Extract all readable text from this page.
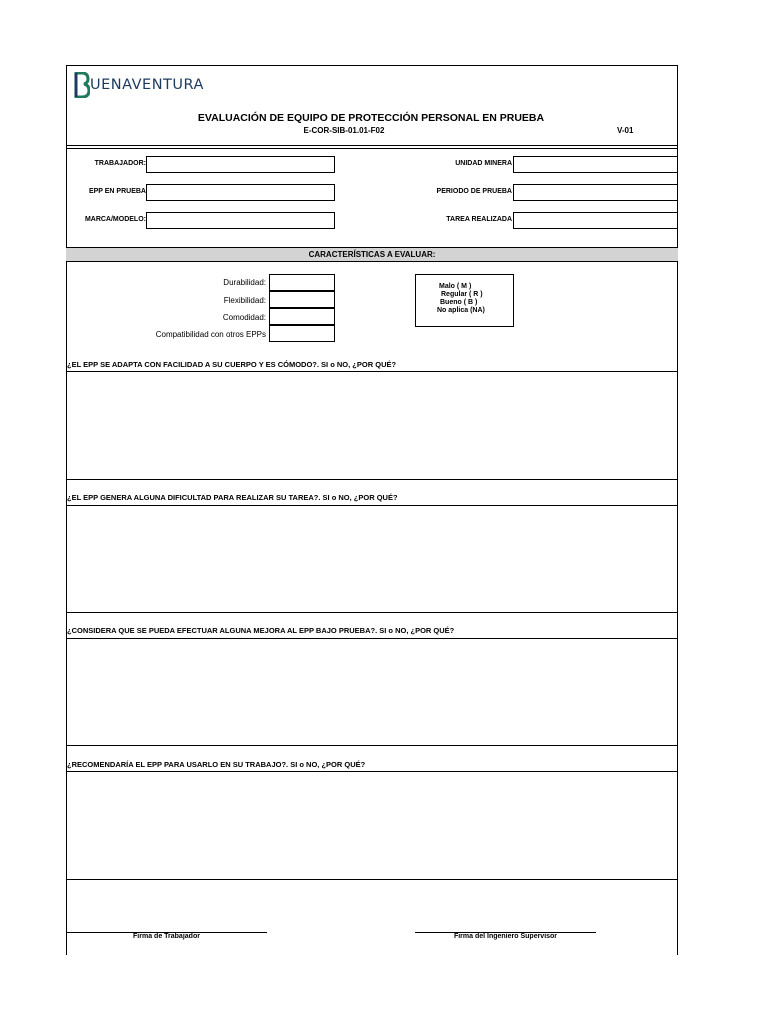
UENAVENTURA
EVALUACIÓN DE EQUIPO DE PROTECCIÓN PERSONAL EN PRUEBA
E-COR-SIB-01.01-F02	V-01
TRABAJADOR:
EPP EN PRUEBA
MARCA/MODELO:
UNIDAD MINERA
PERIODO DE PRUEBA
TAREA REALIZADA
CARACTERÍSTICAS A EVALUAR:
Durabilidad:
Flexibilidad:
Comodidad:
Compatibilidad con otros EPPs
Malo ( M )
Regular ( R )
Bueno ( B )
No aplica (NA)
¿EL EPP SE ADAPTA CON FACILIDAD A SU CUERPO Y ES CÓMODO?. SI o NO, ¿POR QUÉ?
¿EL EPP GENERA ALGUNA DIFICULTAD PARA REALIZAR SU TAREA?. SI o NO, ¿POR QUÉ?
¿CONSIDERA QUE SE PUEDA EFECTUAR ALGUNA MEJORA AL EPP BAJO PRUEBA?. SI o NO, ¿POR QUÉ?
¿RECOMENDARÍA EL EPP PARA USARLO EN SU TRABAJO?. SI o NO, ¿POR QUÉ?
Firma de Trabajador	Firma del Ingeniero Supervisor
